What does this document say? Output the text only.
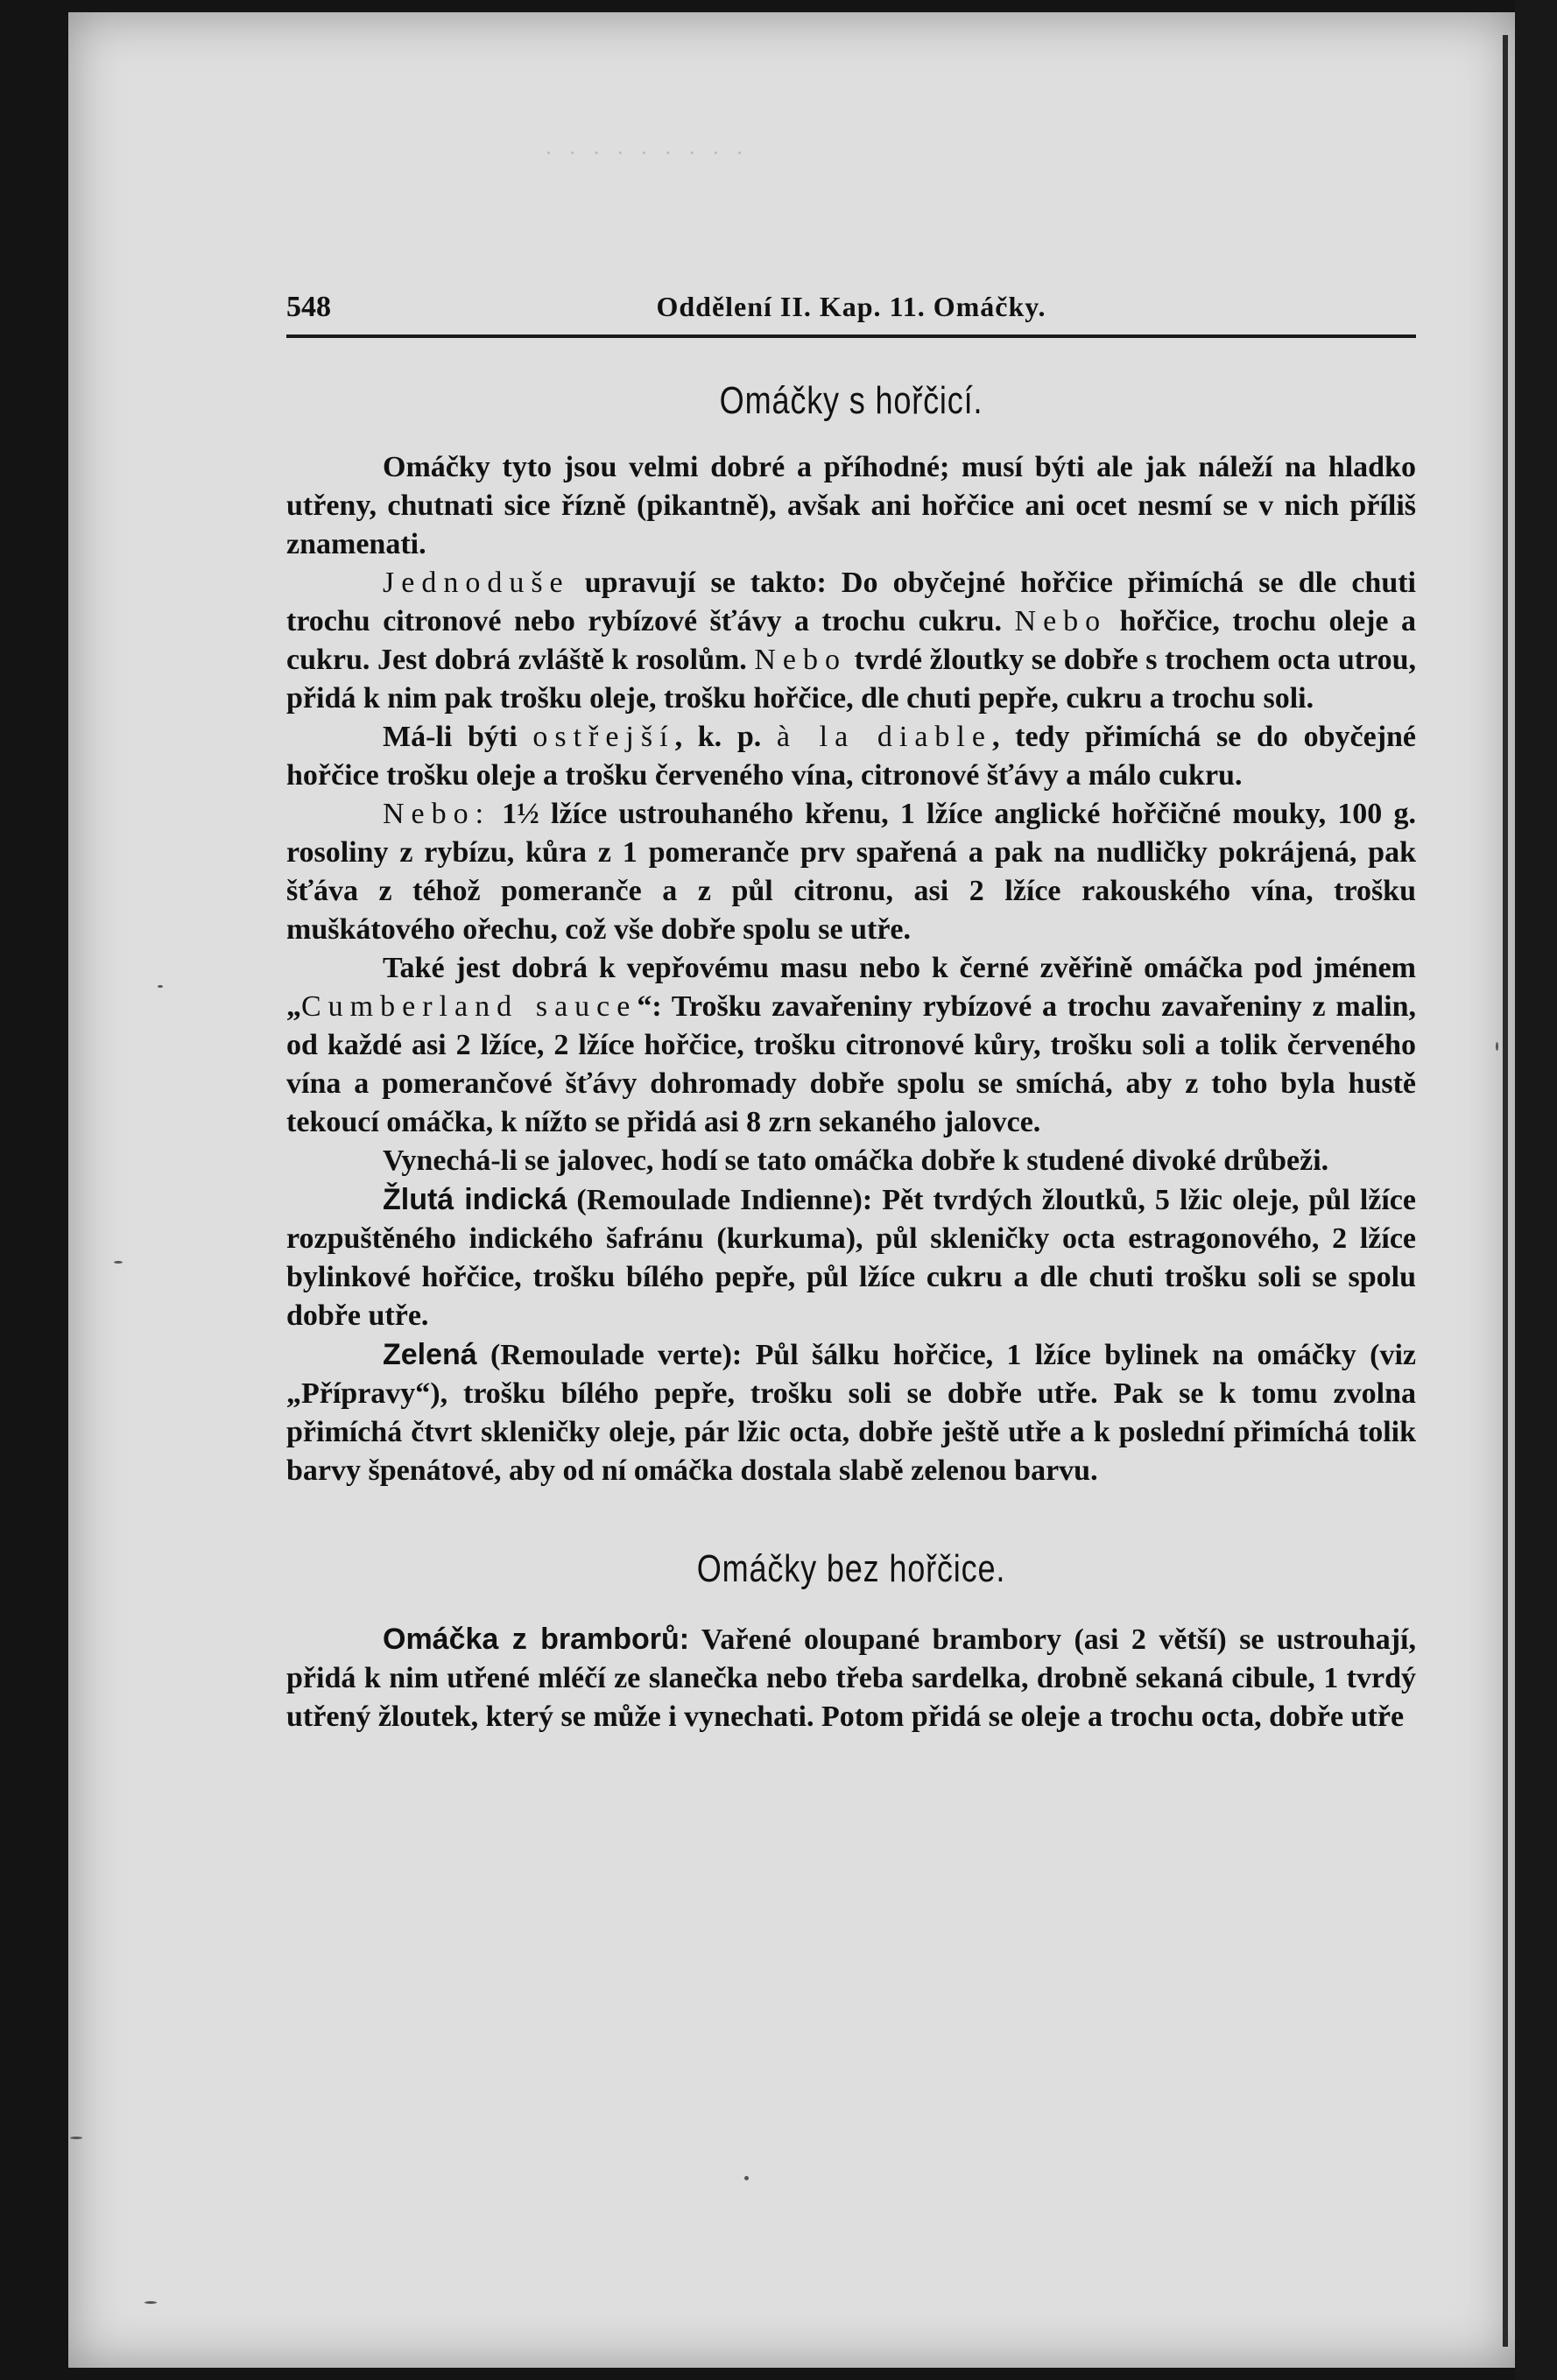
˙ ˙ ˙ ˙ ˙ ˙ ˙ ˙ ˙
548	Oddělení II. Kap. 11. Omáčky.
Omáčky s hořčicí.

Omáčky tyto jsou velmi dobré a příhodné; musí býti ale jak náleží na hladko utřeny, chutnati sice řízně (pikantně), avšak ani hořčice ani ocet nesmí se v nich příliš znamenati.

Jednoduše upravují se takto: Do obyčejné hořčice přimíchá se dle chuti trochu citronové nebo rybízové šťávy a trochu cukru. Nebo hořčice, trochu oleje a cukru. Jest dobrá zvláště k rosolům. Nebo tvrdé žloutky se dobře s trochem octa utrou, přidá k nim pak trošku oleje, trošku hořčice, dle chuti pepře, cukru a trochu soli.

Má-li býti ostřejší, k. p. à la diable, tedy přimíchá se do obyčejné hořčice trošku oleje a trošku červeného vína, citronové šťávy a málo cukru.

Nebo: 1½ lžíce ustrouhaného křenu, 1 lžíce anglické hořčičné mouky, 100 g. rosoliny z rybízu, kůra z 1 pomeranče prv spařená a pak na nudličky pokrájená, pak šťáva z téhož pomeranče a z půl citronu, asi 2 lžíce rakouského vína, trošku muškátového ořechu, což vše dobře spolu se utře.

Také jest dobrá k vepřovému masu nebo k černé zvěřině omáčka pod jménem „Cumberland sauce“: Trošku zavařeniny rybízové a trochu zavařeniny z malin, od každé asi 2 lžíce, 2 lžíce hořčice, trošku citronové kůry, trošku soli a tolik červeného vína a pomerančové šťávy dohromady dobře spolu se smíchá, aby z toho byla hustě tekoucí omáčka, k nížto se přidá asi 8 zrn sekaného jalovce.

Vynechá-li se jalovec, hodí se tato omáčka dobře k studené divoké drůbeži.

Žlutá indická (Remoulade Indienne): Pět tvrdých žloutků, 5 lžic oleje, půl lžíce rozpuštěného indického šafránu (kurkuma), půl skleničky octa estragonového, 2 lžíce bylinkové hořčice, trošku bílého pepře, půl lžíce cukru a dle chuti trošku soli se spolu dobře utře.

Zelená (Remoulade verte): Půl šálku hořčice, 1 lžíce bylinek na omáčky (viz „Přípravy“), trošku bílého pepře, trošku soli se dobře utře. Pak se k tomu zvolna přimíchá čtvrt skleničky oleje, pár lžic octa, dobře ještě utře a k poslední přimíchá tolik barvy špenátové, aby od ní omáčka dostala slabě zelenou barvu.

Omáčky bez hořčice.

Omáčka z bramborů: Vařené oloupané brambory (asi 2 větší) se ustrouhají, přidá k nim utřené mléčí ze slanečka nebo třeba sardelka, drobně sekaná cibule, 1 tvrdý utřený žloutek, který se může i vynechati. Potom přidá se oleje a trochu octa, dobře utře
